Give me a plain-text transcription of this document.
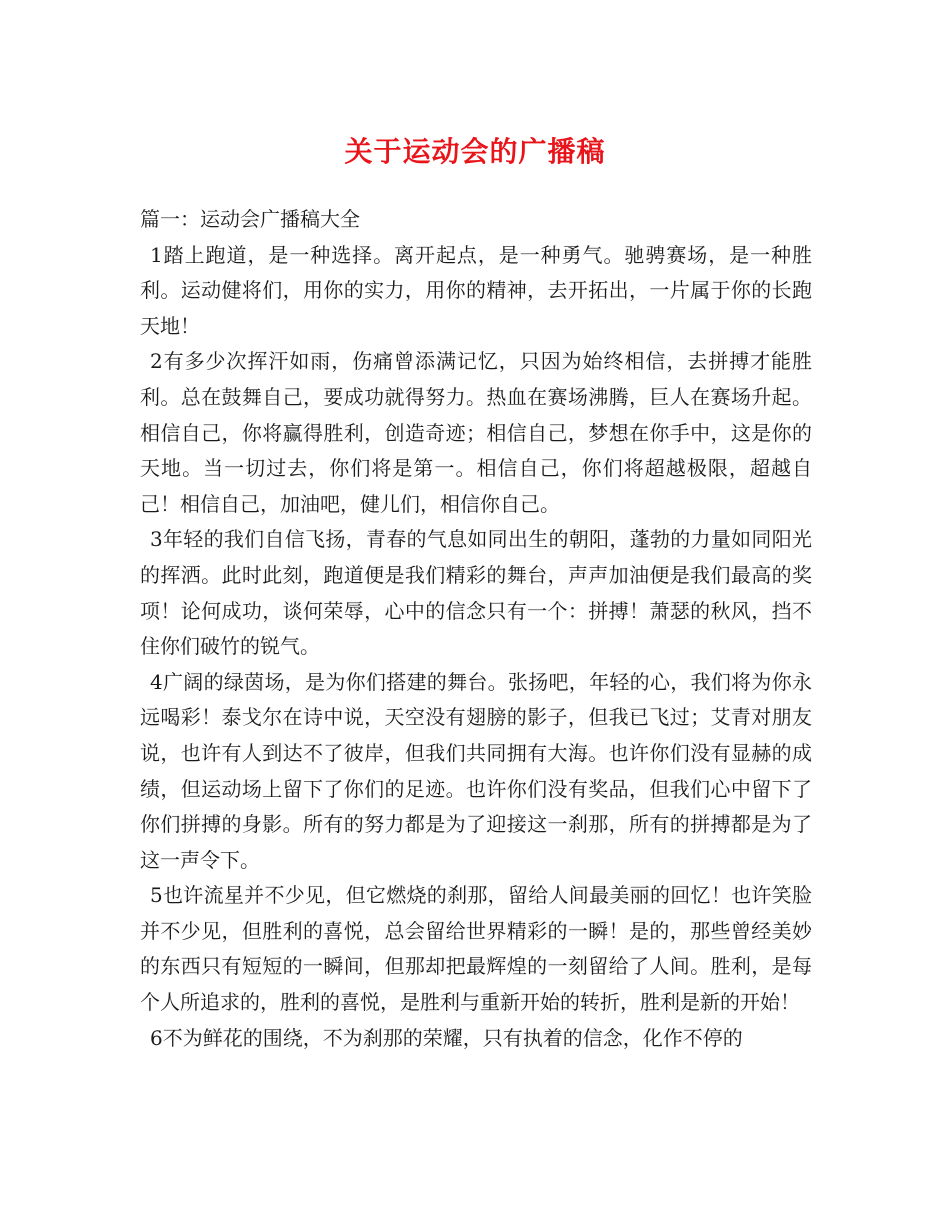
关于运动会的广播稿

篇一：运动会广播稿大全

1踏上跑道，是一种选择。离开起点，是一种勇气。驰骋赛场，是一种胜利。运动健将们，用你的实力，用你的精神，去开拓出，一片属于你的长跑天地！

2有多少次挥汗如雨，伤痛曾添满记忆，只因为始终相信，去拼搏才能胜利。总在鼓舞自己，要成功就得努力。热血在赛场沸腾，巨人在赛场升起。相信自己，你将赢得胜利，创造奇迹；相信自己，梦想在你手中，这是你的天地。当一切过去，你们将是第一。相信自己，你们将超越极限，超越自己！相信自己，加油吧，健儿们，相信你自己。

3年轻的我们自信飞扬，青春的气息如同出生的朝阳，蓬勃的力量如同阳光的挥洒。此时此刻，跑道便是我们精彩的舞台，声声加油便是我们最高的奖项！论何成功，谈何荣辱，心中的信念只有一个：拼搏！萧瑟的秋风，挡不住你们破竹的锐气。

4广阔的绿茵场，是为你们搭建的舞台。张扬吧，年轻的心，我们将为你永远喝彩！泰戈尔在诗中说，天空没有翅膀的影子，但我已飞过；艾青对朋友说，也许有人到达不了彼岸，但我们共同拥有大海。也许你们没有显赫的成绩，但运动场上留下了你们的足迹。也许你们没有奖品，但我们心中留下了你们拼搏的身影。所有的努力都是为了迎接这一刹那，所有的拼搏都是为了这一声令下。

5也许流星并不少见，但它燃烧的刹那，留给人间最美丽的回忆！也许笑脸并不少见，但胜利的喜悦，总会留给世界精彩的一瞬！是的，那些曾经美妙的东西只有短短的一瞬间，但那却把最辉煌的一刻留给了人间。胜利，是每个人所追求的，胜利的喜悦，是胜利与重新开始的转折，胜利是新的开始！

6不为鲜花的围绕，不为刹那的荣耀，只有执着的信念，化作不停的
